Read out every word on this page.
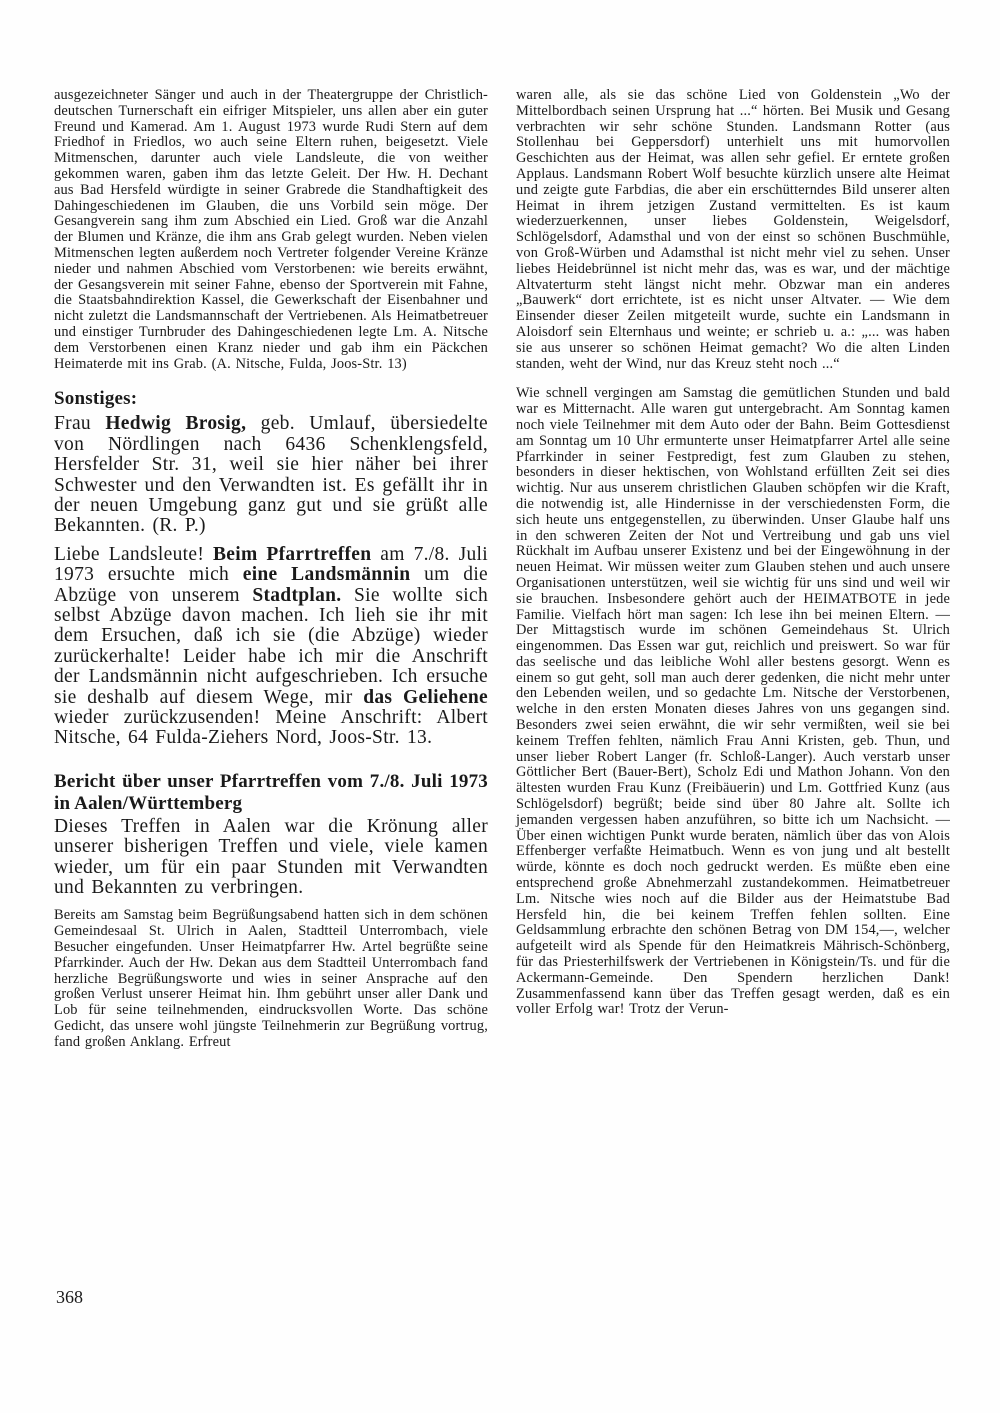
ausgezeichneter Sänger und auch in der Theatergruppe der Christlich-deutschen Turnerschaft ein eifriger Mitspieler, uns allen aber ein guter Freund und Kamerad. Am 1. August 1973 wurde Rudi Stern auf dem Friedhof in Friedlos, wo auch seine Eltern ruhen, beigesetzt. Viele Mitmenschen, darunter auch viele Landsleute, die von weither gekommen waren, gaben ihm das letzte Geleit. Der Hw. H. Dechant aus Bad Hersfeld würdigte in seiner Grabrede die Standhaftigkeit des Dahingeschiedenen im Glauben, die uns Vorbild sein möge. Der Gesangverein sang ihm zum Abschied ein Lied. Groß war die Anzahl der Blumen und Kränze, die ihm ans Grab gelegt wurden. Neben vielen Mitmenschen legten außerdem noch Vertreter folgender Vereine Kränze nieder und nahmen Abschied vom Verstorbenen: wie bereits erwähnt, der Gesangsverein mit seiner Fahne, ebenso der Sportverein mit Fahne, die Staatsbahndirektion Kassel, die Gewerkschaft der Eisenbahner und nicht zuletzt die Landsmannschaft der Vertriebenen. Als Heimatbetreuer und einstiger Turnbruder des Dahingeschiedenen legte Lm. A. Nitsche dem Verstorbenen einen Kranz nieder und gab ihm ein Päckchen Heimaterde mit ins Grab. (A. Nitsche, Fulda, Joos-Str. 13)

Sonstiges:

Frau Hedwig Brosig, geb. Umlauf, übersiedelte von Nördlingen nach 6436 Schenklengsfeld, Hersfelder Str. 31, weil sie hier näher bei ihrer Schwester und den Verwandten ist. Es gefällt ihr in der neuen Umgebung ganz gut und sie grüßt alle Bekannten. (R. P.)

Liebe Landsleute! Beim Pfarrtreffen am 7./8. Juli 1973 ersuchte mich eine Landsmännin um die Abzüge von unserem Stadtplan. Sie wollte sich selbst Abzüge davon machen. Ich lieh sie ihr mit dem Ersuchen, daß ich sie (die Abzüge) wieder zurückerhalte! Leider habe ich mir die Anschrift der Landsmännin nicht aufgeschrieben. Ich ersuche sie deshalb auf diesem Wege, mir das Geliehene wieder zurückzusenden! Meine Anschrift: Albert Nitsche, 64 Fulda-Ziehers Nord, Joos-Str. 13.

Bericht über unser Pfarrtreffen vom 7./8. Juli 1973 in Aalen/Württemberg

Dieses Treffen in Aalen war die Krönung aller unserer bisherigen Treffen und viele, viele kamen wieder, um für ein paar Stunden mit Verwandten und Bekannten zu verbringen.

Bereits am Samstag beim Begrüßungsabend hatten sich in dem schönen Gemeindesaal St. Ulrich in Aalen, Stadtteil Unterrombach, viele Besucher eingefunden. Unser Heimatpfarrer Hw. Artel begrüßte seine Pfarrkinder. Auch der Hw. Dekan aus dem Stadtteil Unterrombach fand herzliche Begrüßungsworte und wies in seiner Ansprache auf den großen Verlust unserer Heimat hin. Ihm gebührt unser aller Dank und Lob für seine teilnehmenden, eindrucksvollen Worte. Das schöne Gedicht, das unsere wohl jüngste Teilnehmerin zur Begrüßung vortrug, fand großen Anklang. Erfreut

waren alle, als sie das schöne Lied von Goldenstein „Wo der Mittelbordbach seinen Ursprung hat ...“ hörten. Bei Musik und Gesang verbrachten wir sehr schöne Stunden. Landsmann Rotter (aus Stollenhau bei Geppersdorf) unterhielt uns mit humorvollen Geschichten aus der Heimat, was allen sehr gefiel. Er erntete großen Applaus. Landsmann Robert Wolf besuchte kürzlich unsere alte Heimat und zeigte gute Farbdias, die aber ein erschütterndes Bild unserer alten Heimat in ihrem jetzigen Zustand vermittelten. Es ist kaum wiederzuerkennen, unser liebes Goldenstein, Weigelsdorf, Schlögelsdorf, Adamsthal und von der einst so schönen Buschmühle, von Groß-Würben und Adamsthal ist nicht mehr viel zu sehen. Unser liebes Heidebrünnel ist nicht mehr das, was es war, und der mächtige Altvaterturm steht längst nicht mehr. Obzwar man ein anderes „Bauwerk“ dort errichtete, ist es nicht unser Altvater. — Wie dem Einsender dieser Zeilen mitgeteilt wurde, suchte ein Landsmann in Aloisdorf sein Elternhaus und weinte; er schrieb u. a.: „... was haben sie aus unserer so schönen Heimat gemacht? Wo die alten Linden standen, weht der Wind, nur das Kreuz steht noch ...“

Wie schnell vergingen am Samstag die gemütlichen Stunden und bald war es Mitternacht. Alle waren gut untergebracht. Am Sonntag kamen noch viele Teilnehmer mit dem Auto oder der Bahn. Beim Gottesdienst am Sonntag um 10 Uhr ermunterte unser Heimatpfarrer Artel alle seine Pfarrkinder in seiner Festpredigt, fest zum Glauben zu stehen, besonders in dieser hektischen, von Wohlstand erfüllten Zeit sei dies wichtig. Nur aus unserem christlichen Glauben schöpfen wir die Kraft, die notwendig ist, alle Hindernisse in der verschiedensten Form, die sich heute uns entgegenstellen, zu überwinden. Unser Glaube half uns in den schweren Zeiten der Not und Vertreibung und gab uns viel Rückhalt im Aufbau unserer Existenz und bei der Eingewöhnung in der neuen Heimat. Wir müssen weiter zum Glauben stehen und auch unsere Organisationen unterstützen, weil sie wichtig für uns sind und weil wir sie brauchen. Insbesondere gehört auch der HEIMATBOTE in jede Familie. Vielfach hört man sagen: Ich lese ihn bei meinen Eltern. — Der Mittagstisch wurde im schönen Gemeindehaus St. Ulrich eingenommen. Das Essen war gut, reichlich und preiswert. So war für das seelische und das leibliche Wohl aller bestens gesorgt. Wenn es einem so gut geht, soll man auch derer gedenken, die nicht mehr unter den Lebenden weilen, und so gedachte Lm. Nitsche der Verstorbenen, welche in den ersten Monaten dieses Jahres von uns gegangen sind. Besonders zwei seien erwähnt, die wir sehr vermißten, weil sie bei keinem Treffen fehlten, nämlich Frau Anni Kristen, geb. Thun, und unser lieber Robert Langer (fr. Schloß-Langer). Auch verstarb unser Göttlicher Bert (Bauer-Bert), Scholz Edi und Mathon Johann. Von den ältesten wurden Frau Kunz (Freibäuerin) und Lm. Gottfried Kunz (aus Schlögelsdorf) begrüßt; beide sind über 80 Jahre alt. Sollte ich jemanden vergessen haben anzuführen, so bitte ich um Nachsicht. — Über einen wichtigen Punkt wurde beraten, nämlich über das von Alois Effenberger verfaßte Heimatbuch. Wenn es von jung und alt bestellt würde, könnte es doch noch gedruckt werden. Es müßte eben eine entsprechend große Abnehmerzahl zustandekommen. Heimatbetreuer Lm. Nitsche wies noch auf die Bilder aus der Heimatstube Bad Hersfeld hin, die bei keinem Treffen fehlen sollten. Eine Geldsammlung erbrachte den schönen Betrag von DM 154,—, welcher aufgeteilt wird als Spende für den Heimatkreis Mährisch-Schönberg, für das Priesterhilfswerk der Vertriebenen in Königstein/Ts. und für die Ackermann-Gemeinde. Den Spendern herzlichen Dank! Zusammenfassend kann über das Treffen gesagt werden, daß es ein voller Erfolg war! Trotz der Verun-

368
